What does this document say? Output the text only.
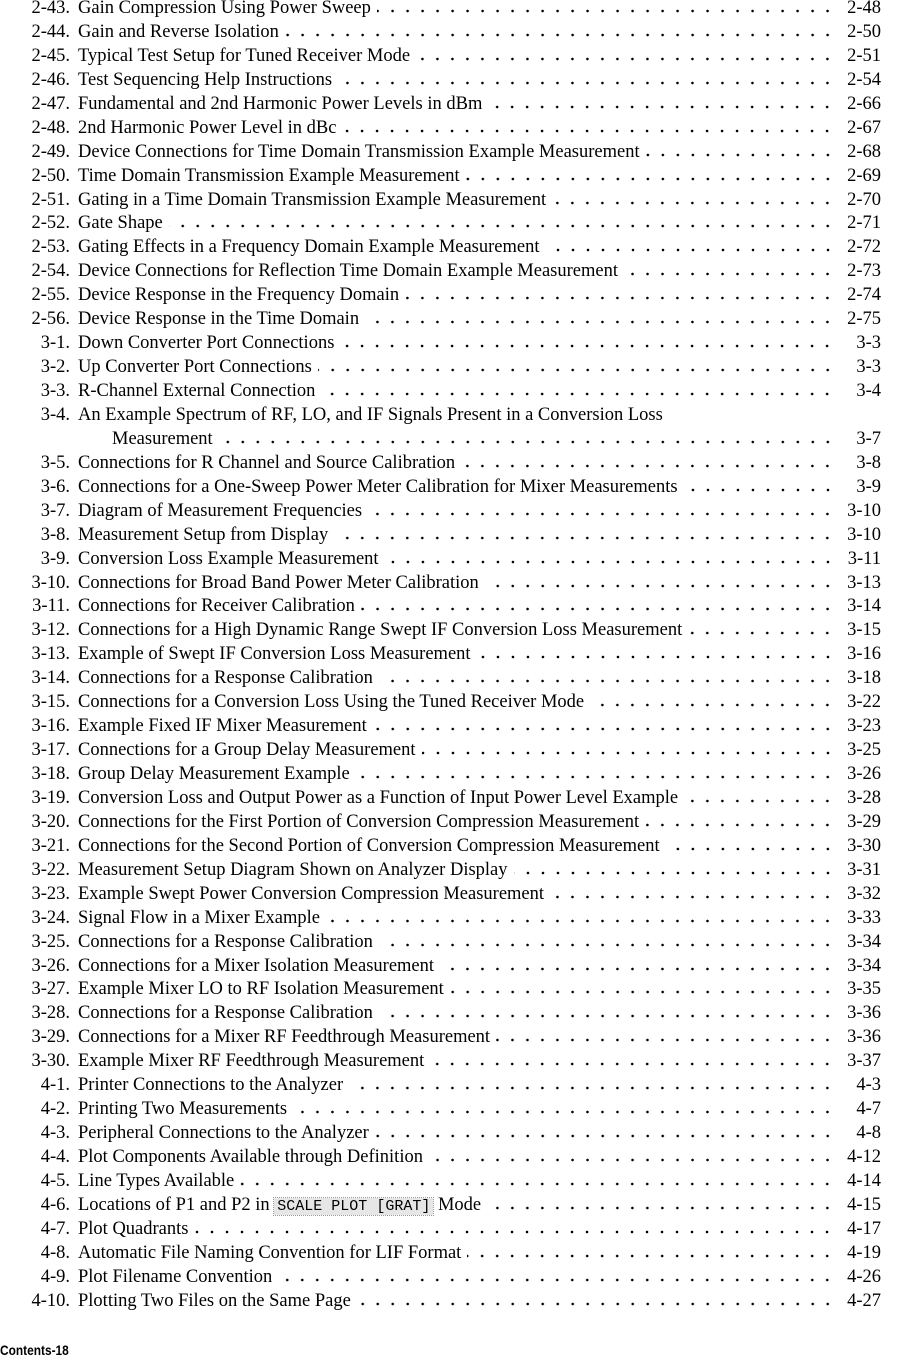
2-43. Gain Compression Using Power Sweep	2-48
2-44. Gain and Reverse Isolation	2-50
2-45. Typical Test Setup for Tuned Receiver Mode	2-51
2-46. Test Sequencing Help Instructions	2-54
2-47. Fundamental and 2nd Harmonic Power Levels in dBm	2-66
2-48. 2nd Harmonic Power Level in dBc	2-67
2-49. Device Connections for Time Domain Transmission Example Measurement	2-68
2-50. Time Domain Transmission Example Measurement	2-69
2-51. Gating in a Time Domain Transmission Example Measurement	2-70
2-52. Gate Shape	2-71
2-53. Gating Effects in a Frequency Domain Example Measurement	2-72
2-54. Device Connections for Reflection Time Domain Example Measurement	2-73
2-55. Device Response in the Frequency Domain	2-74
2-56. Device Response in the Time Domain	2-75
3-1. Down Converter Port Connections	3-3
3-2. Up Converter Port Connections	3-3
3-3. R-Channel External Connection	3-4
3-4. An Example Spectrum of RF, LO, and IF Signals Present in a Conversion Loss
Measurement	3-7
3-5. Connections for R Channel and Source Calibration	3-8
3-6. Connections for a One-Sweep Power Meter Calibration for Mixer Measurements	3-9
3-7. Diagram of Measurement Frequencies	3-10
3-8. Measurement Setup from Display	3-10
3-9. Conversion Loss Example Measurement	3-11
3-10. Connections for Broad Band Power Meter Calibration	3-13
3-11. Connections for Receiver Calibration	3-14
3-12. Connections for a High Dynamic Range Swept IF Conversion Loss Measurement	3-15
3-13. Example of Swept IF Conversion Loss Measurement	3-16
3-14. Connections for a Response Calibration	3-18
3-15. Connections for a Conversion Loss Using the Tuned Receiver Mode	3-22
3-16. Example Fixed IF Mixer Measurement	3-23
3-17. Connections for a Group Delay Measurement	3-25
3-18. Group Delay Measurement Example	3-26
3-19. Conversion Loss and Output Power as a Function of Input Power Level Example	3-28
3-20. Connections for the First Portion of Conversion Compression Measurement	3-29
3-21. Connections for the Second Portion of Conversion Compression Measurement	3-30
3-22. Measurement Setup Diagram Shown on Analyzer Display	3-31
3-23. Example Swept Power Conversion Compression Measurement	3-32
3-24. Signal Flow in a Mixer Example	3-33
3-25. Connections for a Response Calibration	3-34
3-26. Connections for a Mixer Isolation Measurement	3-34
3-27. Example Mixer LO to RF Isolation Measurement	3-35
3-28. Connections for a Response Calibration	3-36
3-29. Connections for a Mixer RF Feedthrough Measurement	3-36
3-30. Example Mixer RF Feedthrough Measurement	3-37
4-1. Printer Connections to the Analyzer	4-3
4-2. Printing Two Measurements	4-7
4-3. Peripheral Connections to the Analyzer	4-8
4-4. Plot Components Available through Definition	4-12
4-5. Line Types Available	4-14
4-6. Locations of P1 and P2 in SCALE PLOT [GRAT] Mode	4-15
4-7. Plot Quadrants	4-17
4-8. Automatic File Naming Convention for LIF Format	4-19
4-9. Plot Filename Convention	4-26
4-10. Plotting Two Files on the Same Page	4-27
Contents-18
